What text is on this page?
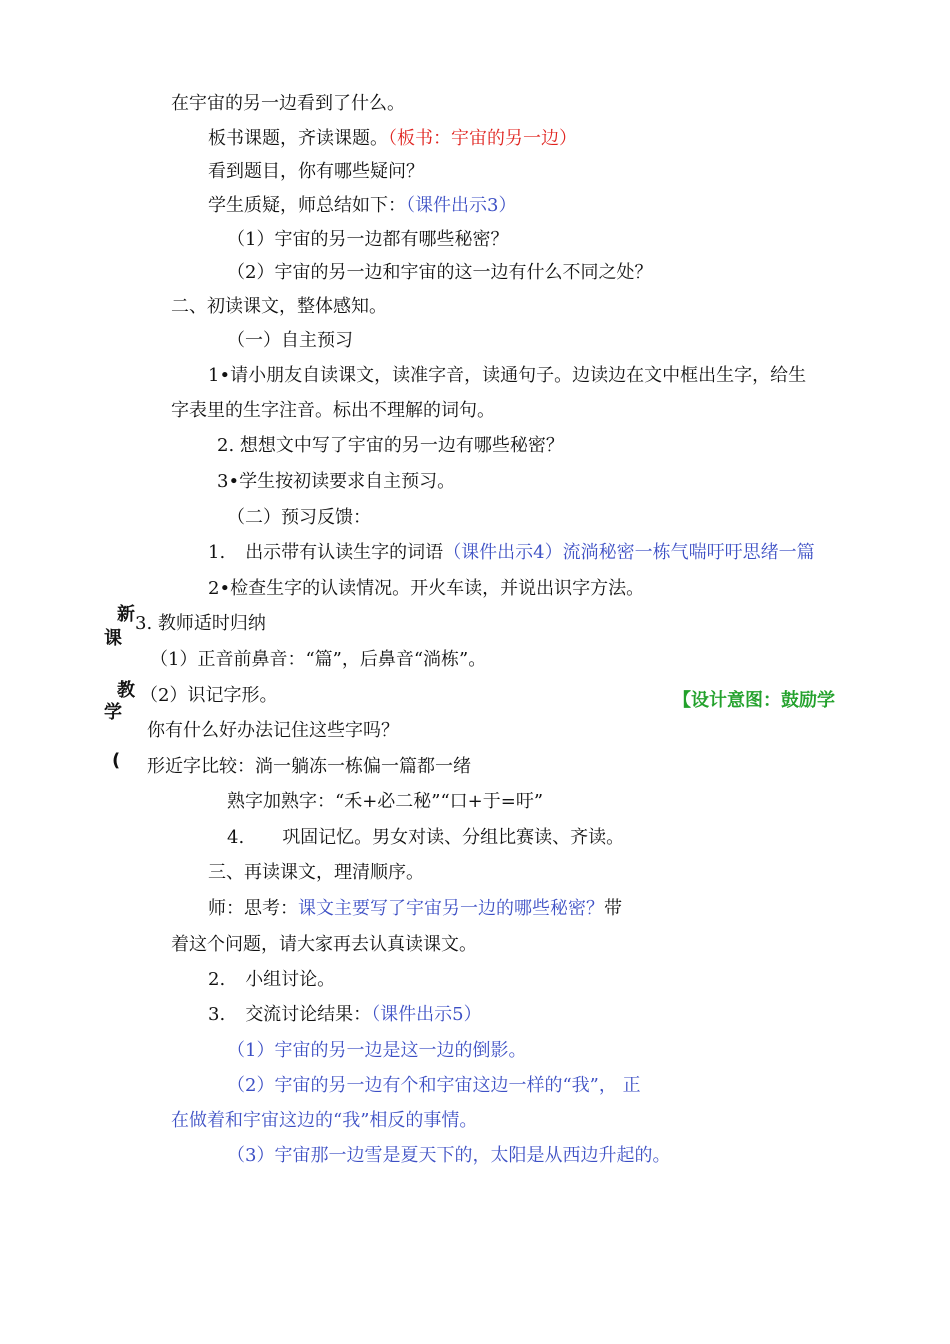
在宇宙的另一边看到了什么。
板书课题，齐读课题。（板书：宇宙的另一边）
看到题目，你有哪些疑问？
学生质疑，师总结如下：（课件出示3）
（1）宇宙的另一边都有哪些秘密？
（2）宇宙的另一边和宇宙的这一边有什么不同之处？
二、初读课文，整体感知。
（一）自主预习
1•请小朋友自读课文，读准字音，读通句子。边读边在文中框出生字，给生
字表里的生字注音。标出不理解的词句。
2. 想想文中写了宇宙的另一边有哪些秘密？
3•学生按初读要求自主预习。
（二）预习反馈：
1. 出示带有认读生字的词语（课件出示4）流淌秘密一栋气喘吁吁思绪一篇
2•检查生字的认读情况。开火车读，并说出识字方法。
3. 教师适时归纳
（1）正音前鼻音：“篇”，后鼻音“淌栋”。
（2）识记字形。
你有什么好办法记住这些字吗？
形近字比较：淌一躺冻一栋偏一篇都一绪
熟字加熟字：“禾+必二秘”“口+于=吁”
4. 巩固记忆。男女对读、分组比赛读、齐读。
三、再读课文，理清顺序。
师：思考：课文主要写了宇宙另一边的哪些秘密？带
着这个问题，请大家再去认真读课文。
2. 小组讨论。
3. 交流讨论结果：（课件出示5）
（1）宇宙的另一边是这一边的倒影。
（2）宇宙的另一边有个和宇宙这边一样的“我”， 正
在做着和宇宙这边的“我”相反的事情。
（3）宇宙那一边雪是夏天下的，太阳是从西边升起的。
新
课
教
学
(
【设计意图：鼓励学
